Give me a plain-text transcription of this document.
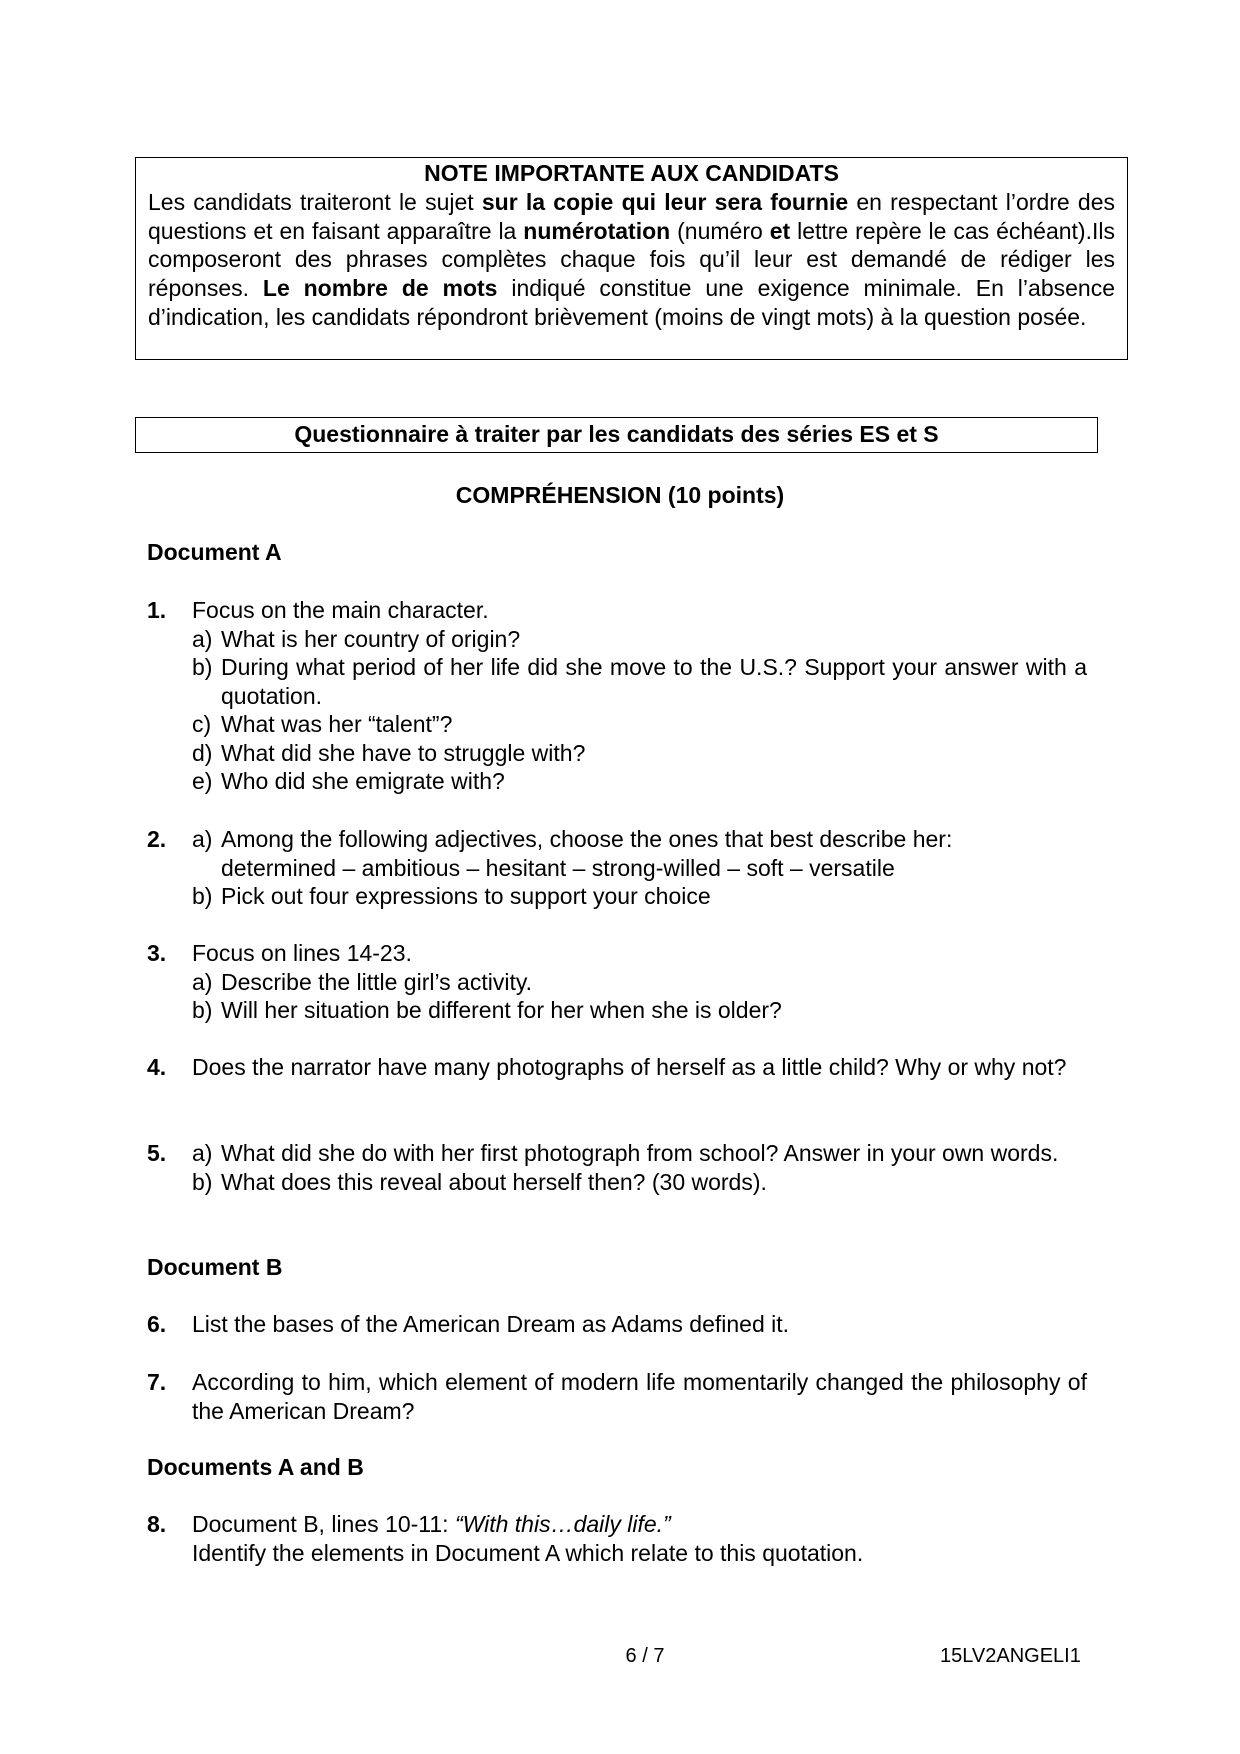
NOTE IMPORTANTE AUX CANDIDATS
Les candidats traiteront le sujet sur la copie qui leur sera fournie en respectant l’ordre des questions et en faisant apparaître la numérotation (numéro et lettre repère le cas échéant).Ils composeront des phrases complètes chaque fois qu’il leur est demandé de rédiger les réponses. Le nombre de mots indiqué constitue une exigence minimale. En l’absence d’indication, les candidats répondront brièvement (moins de vingt mots) à la question posée.
Questionnaire à traiter par les candidats des séries ES et S
COMPRÉHENSION (10 points)
Document A
1. Focus on the main character.
a) What is her country of origin?
b) During what period of her life did she move to the U.S.? Support your answer with a quotation.
c) What was her “talent”?
d) What did she have to struggle with?
e) Who did she emigrate with?
2. a) Among the following adjectives, choose the ones that best describe her:
determined – ambitious – hesitant – strong-willed – soft – versatile
b) Pick out four expressions to support your choice
3. Focus on lines 14-23.
a) Describe the little girl’s activity.
b) Will her situation be different for her when she is older?
4. Does the narrator have many photographs of herself as a little child? Why or why not?
5. a) What did she do with her first photograph from school? Answer in your own words.
b) What does this reveal about herself then? (30 words).
Document B
6. List the bases of the American Dream as Adams defined it.
7. According to him, which element of modern life momentarily changed the philosophy of the American Dream?
Documents A and B
8. Document B, lines 10-11: “With this…daily life.”
Identify the elements in Document A which relate to this quotation.
6 / 7	15LV2ANGELI1
